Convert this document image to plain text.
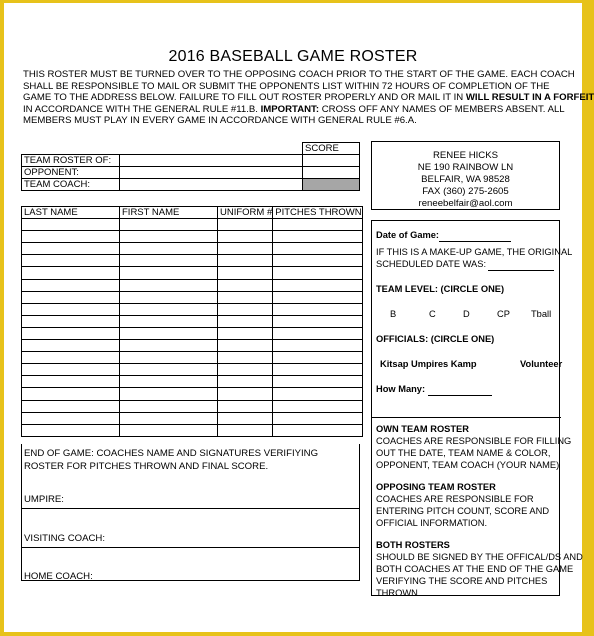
2016 BASEBALL GAME ROSTER
THIS ROSTER MUST BE TURNED OVER TO THE OPPOSING COACH PRIOR TO THE START OF THE GAME. EACH COACH
SHALL BE RESPONSIBLE TO MAIL OR SUBMIT THE OPPONENTS LIST WITHIN 72 HOURS OF COMPLETION OF THE
GAME TO THE ADDRESS BELOW. FAILURE TO FILL OUT ROSTER PROPERLY AND OR MAIL IT IN WILL RESULT IN A FORFEIT
IN ACCORDANCE WITH THE GENERAL RULE #11.B. IMPORTANT: CROSS OFF ANY NAMES OF MEMBERS ABSENT. ALL
MEMBERS MUST PLAY IN EVERY GAME IN ACCORDANCE WITH GENERAL RULE #6.A.
		SCORE
TEAM ROSTER OF:		
OPPONENT:		
TEAM COACH:		
LAST NAME	FIRST NAME	UNIFORM #	PITCHES THROWN

END OF GAME: COACHES NAME AND SIGNATURES VERIFIYING
ROSTER FOR PITCHES THROWN AND FINAL SCORE.
UMPIRE:
VISITING COACH:
HOME COACH:
RENEE HICKS
NE 190 RAINBOW LN
BELFAIR, WA 98528
FAX (360) 275-2605
reneebelfair@aol.com
Date of Game:
IF THIS IS A MAKE-UP GAME, THE ORIGINAL
SCHEDULED DATE WAS:
TEAM LEVEL: (CIRCLE ONE)
B	C	D	CP Tball
OFFICIALS: (CIRCLE ONE)
Kitsap Umpires Kamp	Volunteer
How Many:
OWN TEAM ROSTER
COACHES ARE RESPONSIBLE FOR FILLING
OUT THE DATE, TEAM NAME & COLOR,
OPPONENT, TEAM COACH (YOUR NAME)
OPPOSING TEAM ROSTER
COACHES ARE RESPONSIBLE FOR
ENTERING PITCH COUNT, SCORE AND
OFFICIAL INFORMATION.
BOTH ROSTERS
SHOULD BE SIGNED BY THE OFFICAL/DS AND
BOTH COACHES AT THE END OF THE GAME
VERIFYING THE SCORE AND PITCHES
THROWN.
